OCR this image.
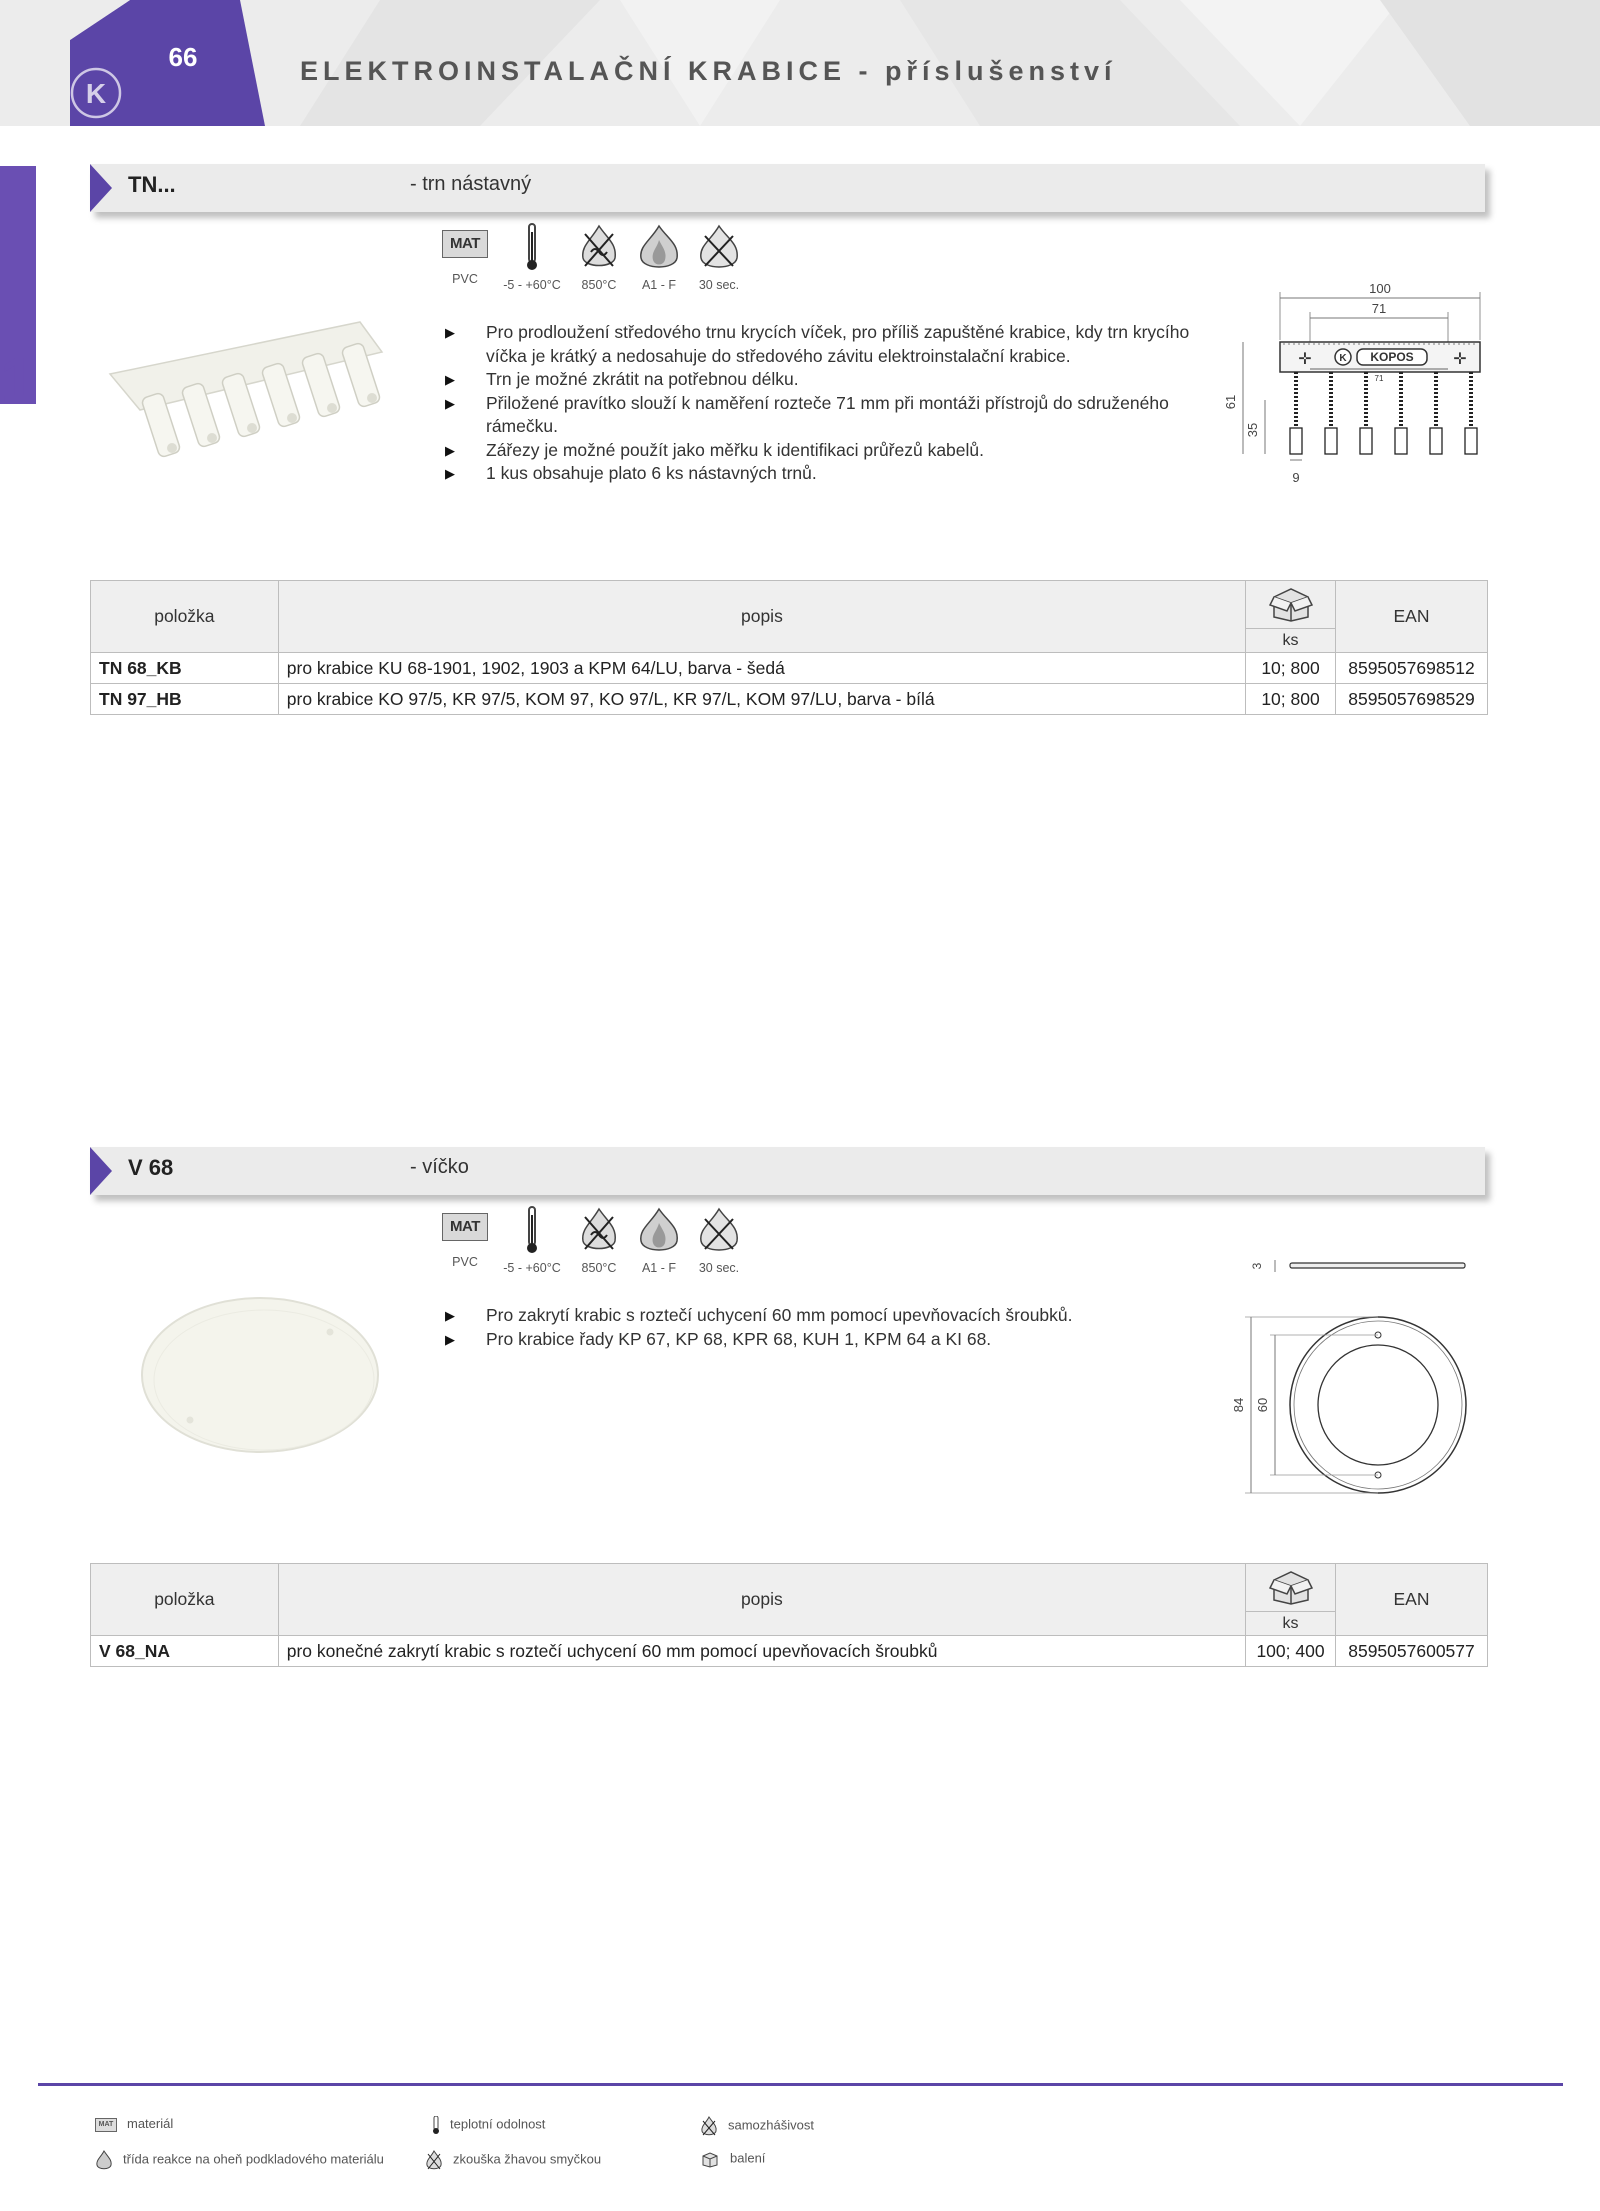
K
66	ELEKTROINSTALAČNÍ KRABICE - příslušenství
1
TN...	- trn nástavný
MAT
PVC	-5 - +60°C	850°C	A1 - F	30 sec.
▶ Pro prodloužení středového trnu krycích víček, pro příliš zapuštěné krabice, kdy trn krycího víčka je krátký a nedosahuje do středového závitu elektroinstalační krabice.
▶ Trn je možné zkrátit na potřebnou délku.
▶ Přiložené pravítko slouží k naměření rozteče 71 mm při montáži přístrojů do sdruženého rámečku.
▶ Zářezy je možné použít jako měřku k identifikaci průřezů kabelů.
▶ 1 kus obsahuje plato 6 ks nástavných trnů.
100
71
✛	✛
K KOPOS
71
61
35
9
položka	popis		EAN
		ks	
TN 68_KB	pro krabice KU 68-1901, 1902, 1903 a KPM 64/LU, barva - šedá	10; 800	8595057698512
TN 97_HB	pro krabice KO 97/5, KR 97/5, KOM 97, KO 97/L, KR 97/L, KOM 97/LU, barva - bílá	10; 800	8595057698529
V 68	- víčko
MAT
PVC	-5 - +60°C	850°C	A1 - F	30 sec.
▶ Pro zakrytí krabic s roztečí uchycení 60 mm pomocí upevňovacích šroubků.
▶ Pro krabice řady KP 67, KP 68, KPR 68, KUH 1, KPM 64 a KI 68.
3
84 60
položka	popis		EAN
		ks	
V 68_NA	pro konečné zakrytí krabic s roztečí uchycení 60 mm pomocí upevňovacích šroubků	100; 400	8595057600577
MAT materiál	teplotní odolnost	samozhášivost
třída reakce na oheň podkladového materiálu	zkouška žhavou smyčkou	balení
